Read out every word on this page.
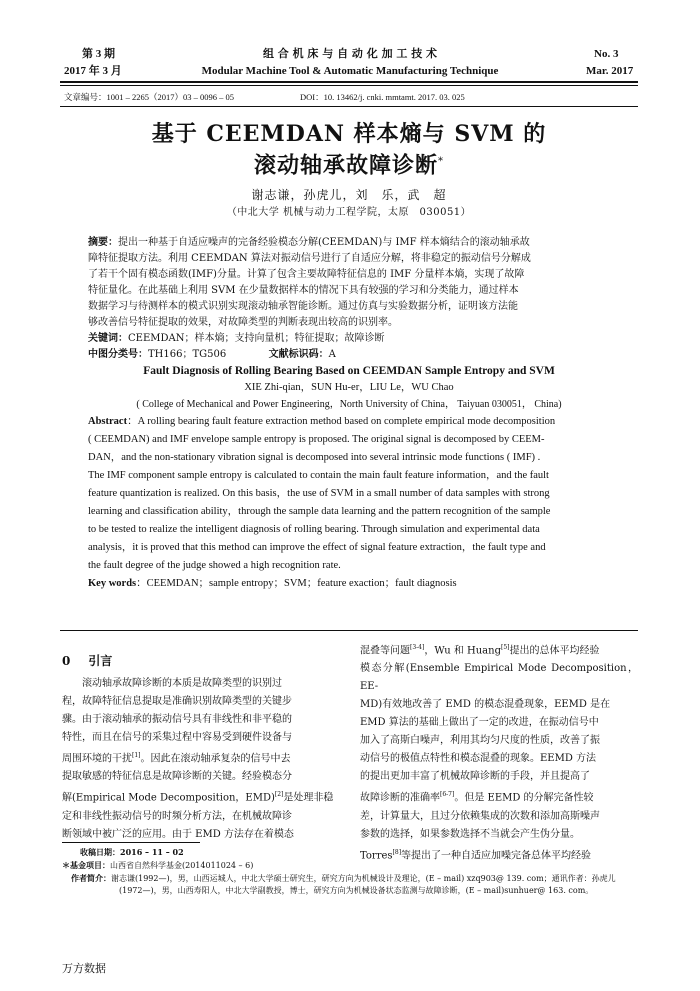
第 3 期
2017 年 3 月
组 合 机 床 与 自 动 化 加 工 技 术
Modular Machine Tool & Automatic Manufacturing Technique
No. 3
Mar. 2017
文章编号：1001 – 2265（2017）03 – 0096 – 05	DOI：10. 13462/j. cnki. mmtamt. 2017. 03. 025
基于 CEEMDAN 样本熵与 SVM 的
滚动轴承故障诊断*
谢志谦，孙虎儿，刘　乐，武　超
（中北大学 机械与动力工程学院，太原　030051）
摘要：提出一种基于自适应噪声的完备经验模态分解(CEEMDAN)与 IMF 样本熵结合的滚动轴承故
障特征提取方法。利用 CEEMDAN 算法对振动信号进行了自适应分解，将非稳定的振动信号分解成
了若干个固有模态函数(IMF)分量。计算了包含主要故障特征信息的 IMF 分量样本熵，实现了故障
特征量化。在此基础上利用 SVM 在少量数据样本的情况下具有较强的学习和分类能力，通过样本
数据学习与待测样本的模式识别实现滚动轴承智能诊断。通过仿真与实验数据分析，证明该方法能
够改善信号特征提取的效果，对故障类型的判断表现出较高的识别率。
关键词：CEEMDAN；样本熵；支持向量机；特征提取；故障诊断
中图分类号：TH166；TG506	文献标识码：A
Fault Diagnosis of Rolling Bearing Based on CEEMDAN Sample Entropy and SVM
XIE Zhi-qian，SUN Hu-er，LIU Le，WU Chao
( College of Mechanical and Power Engineering，North University of China， Taiyuan 030051， China)
Abstract：A rolling bearing fault feature extraction method based on complete empirical mode decomposition
( CEEMDAN) and IMF envelope sample entropy is proposed. The original signal is decomposed by CEEM-
DAN，and the non-stationary vibration signal is decomposed into several intrinsic mode functions ( IMF) .
The IMF component sample entropy is calculated to contain the main fault feature information，and the fault
feature quantization is realized. On this basis，the use of SVM in a small number of data samples with strong
learning and classification ability，through the sample data learning and the pattern recognition of the sample
to be tested to realize the intelligent diagnosis of rolling bearing. Through simulation and experimental data
analysis，it is proved that this method can improve the effect of signal feature extraction，the fault type and
the fault degree of the judge showed a high recognition rate.
Key words：CEEMDAN；sample entropy；SVM；feature exaction；fault diagnosis
0 引言

滚动轴承故障诊断的本质是故障类型的识别过

程，故障特征信息提取是准确识别故障类型的关键步

骤。由于滚动轴承的振动信号具有非线性和非平稳的

特性，而且在信号的采集过程中容易受到硬件设备与

周围环境的干扰[1]。因此在滚动轴承复杂的信号中去

提取敏感的特征信息是故障诊断的关键。经验模态分

解(Empirical Mode Decomposition，EMD)[2]是处理非稳

定和非线性振动信号的时频分析方法，在机械故障诊

断领域中被广泛的应用。由于 EMD 方法存在着模态

混叠等问题[3-4]，Wu 和 Huang[5]提出的总体平均经验

模态分解(Ensemble Empirical Mode Decomposition，EE-

MD)有效地改善了 EMD 的模态混叠现象，EEMD 是在

EMD 算法的基础上做出了一定的改进，在振动信号中

加入了高斯白噪声，利用其均匀尺度的性质，改善了振

动信号的极值点特性和模态混叠的现象。EEMD 方法

的提出更加丰富了机械故障诊断的手段，并且提高了

故障诊断的准确率[6-7]。但是 EEMD 的分解完备性较

差，计算量大，且过分依赖集成的次数和添加高斯噪声

参数的选择，如果参数选择不当就会产生伪分量。

Torres[8]等提出了一种自适应加噪完备总体平均经验

收稿日期：2016 – 11 – 02
＊基金项目：山西省自然科学基金(2014011024 – 6)
作者简介：谢志谦(1992—)，男，山西运城人，中北大学硕士研究生，研究方向为机械设计及理论，(E – mail) xzq903@ 139. com；通讯作者：孙虎儿
(1972—)，男，山西寿阳人，中北大学副教授，博士，研究方向为机械设备状态监测与故障诊断，(E – mail)sunhuer@ 163. com。
万方数据
